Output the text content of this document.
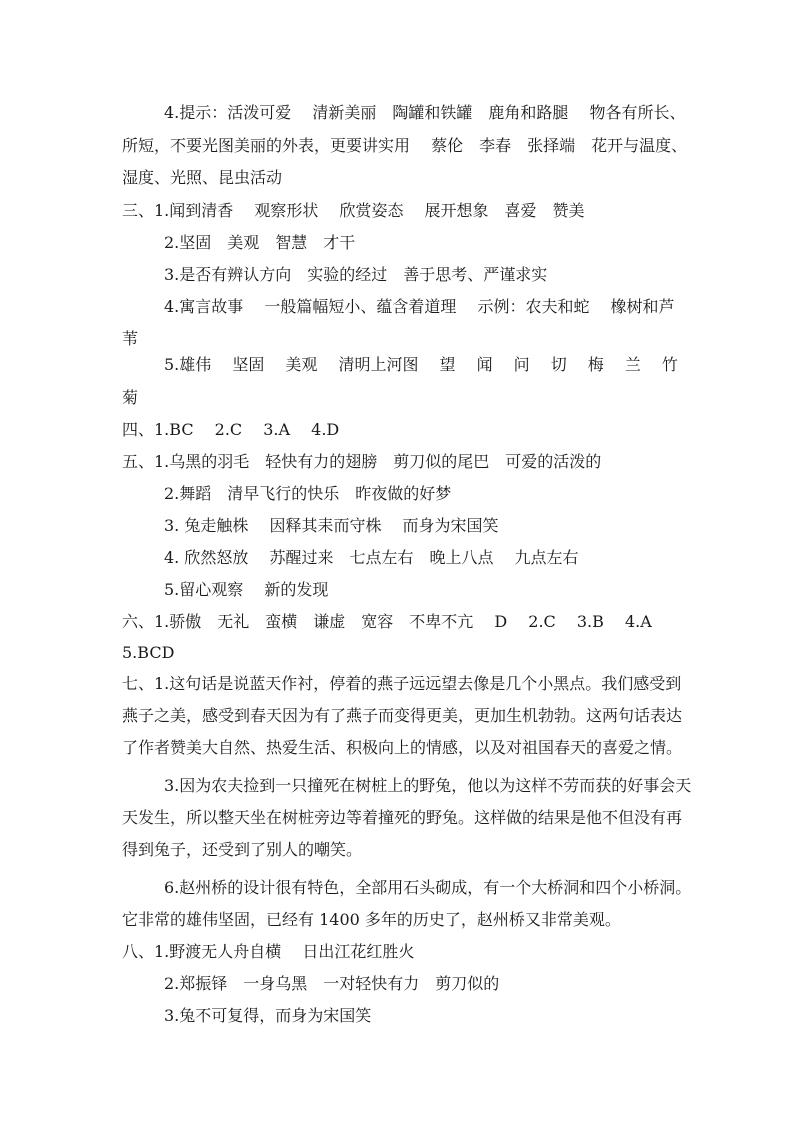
4.提示：活泼可爱　 清新美丽　陶罐和铁罐　鹿角和路腿　 物各有所长、
所短，不要光图美丽的外表，更要讲实用　 蔡伦　李春　张择端　花开与温度、
湿度、光照、昆虫活动
三、1.闻到清香　 观察形状　 欣赏姿态　 展开想象　喜爱　赞美
2.坚固　美观　智慧　才干
3.是否有辨认方向　实验的经过　善于思考、严谨求实
4.寓言故事　 一般篇幅短小、蕴含着道理　 示例：农夫和蛇　 橡树和芦
苇
5.雄伟 坚固 美观 清明上河图 望 闻 问 切 梅 兰 竹
菊
四、1.BC　 2.C　 3.A　 4.D
五、1.乌黑的羽毛　轻快有力的翅膀　剪刀似的尾巴　可爱的活泼的
2.舞蹈　清早飞行的快乐　昨夜做的好梦
3. 兔走触株　 因释其耒而守株　 而身为宋国笑
4. 欣然怒放　 苏醒过来　七点左右　晚上八点　 九点左右
5.留心观察　 新的发现
六、1.骄傲　无礼　蛮横　谦虚　宽容　不卑不亢　 D　 2.C　 3.B　 4.A
5.BCD
七、1.这句话是说蓝天作衬，停着的燕子远远望去像是几个小黑点。我们感受到
燕子之美，感受到春天因为有了燕子而变得更美，更加生机勃勃。这两句话表达
了作者赞美大自然、热爱生活、积极向上的情感，以及对祖国春天的喜爱之情。
3.因为农夫捡到一只撞死在树桩上的野兔，他以为这样不劳而获的好事会天
天发生，所以整天坐在树桩旁边等着撞死的野兔。这样做的结果是他不但没有再
得到兔子，还受到了别人的嘲笑。
6.赵州桥的设计很有特色，全部用石头砌成，有一个大桥洞和四个小桥洞。
它非常的雄伟坚固，已经有 1400 多年的历史了，赵州桥又非常美观。
八、1.野渡无人舟自横　 日出江花红胜火
2.郑振铎　一身乌黑　一对轻快有力　剪刀似的
3.兔不可复得，而身为宋国笑
